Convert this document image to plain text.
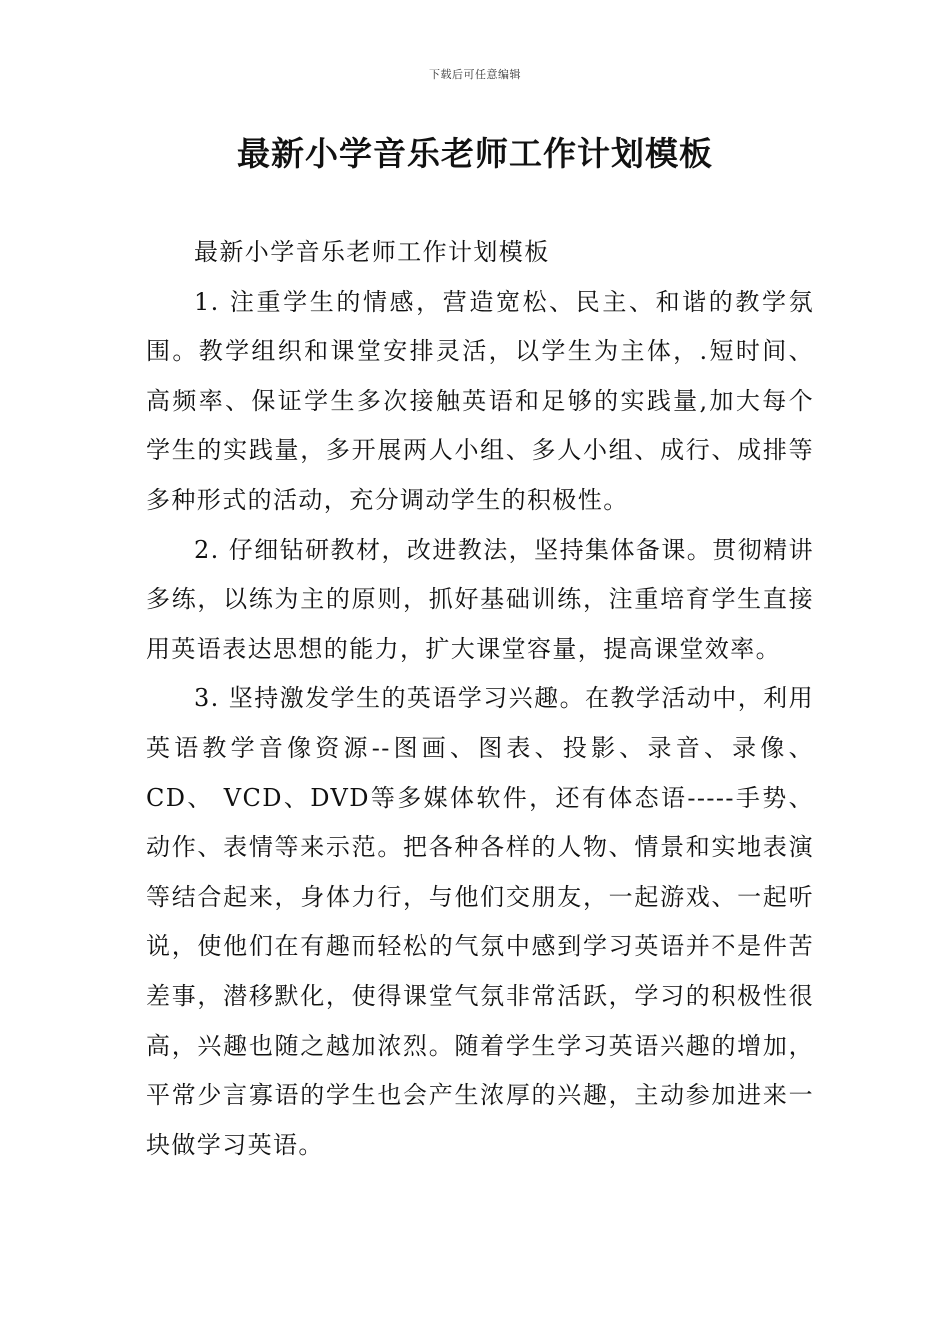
下载后可任意编辑
最新小学音乐老师工作计划模板

最新小学音乐老师工作计划模板

1. 注重学生的情感，营造宽松、民主、和谐的教学氛围。教学组织和课堂安排灵活，以学生为主体，.短时间、高频率、保证学生多次接触英语和足够的实践量,加大每个学生的实践量，多开展两人小组、多人小组、成行、成排等多种形式的活动，充分调动学生的积极性。

2. 仔细钻研教材，改进教法，坚持集体备课。贯彻精讲多练，以练为主的原则，抓好基础训练，注重培育学生直接用英语表达思想的能力，扩大课堂容量，提高课堂效率。

3. 坚持激发学生的英语学习兴趣。在教学活动中，利用英语教学音像资源--图画、图表、投影、录音、录像、CD、 VCD、DVD等多媒体软件，还有体态语-----手势、动作、表情等来示范。把各种各样的人物、情景和实地表演等结合起来，身体力行，与他们交朋友，一起游戏、一起听说，使他们在有趣而轻松的气氛中感到学习英语并不是件苦差事，潜移默化，使得课堂气氛非常活跃，学习的积极性很高，兴趣也随之越加浓烈。随着学生学习英语兴趣的增加，平常少言寡语的学生也会产生浓厚的兴趣，主动参加进来一块做学习英语。
